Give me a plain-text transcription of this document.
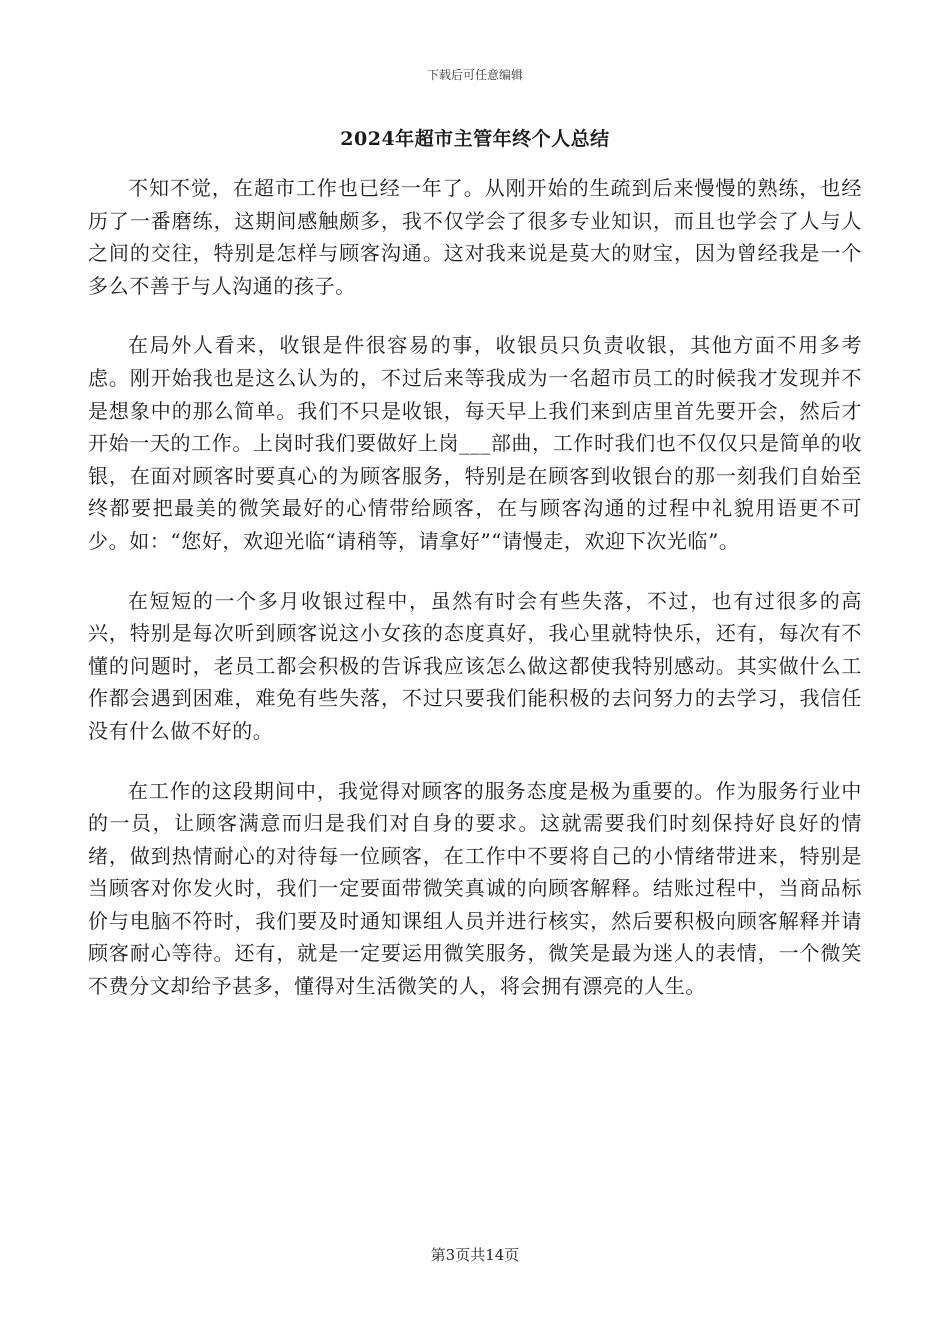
下载后可任意编辑
2024年超市主管年终个人总结

不知不觉，在超市工作也已经一年了。从刚开始的生疏到后来慢慢的熟练，也经历了一番磨练，这期间感触颇多，我不仅学会了很多专业知识，而且也学会了人与人之间的交往，特别是怎样与顾客沟通。这对我来说是莫大的财宝，因为曾经我是一个多么不善于与人沟通的孩子。

在局外人看来，收银是件很容易的事，收银员只负责收银，其他方面不用多考虑。刚开始我也是这么认为的，不过后来等我成为一名超市员工的时候我才发现并不是想象中的那么简单。我们不只是收银，每天早上我们来到店里首先要开会，然后才开始一天的工作。上岗时我们要做好上岗___部曲，工作时我们也不仅仅只是简单的收银，在面对顾客时要真心的为顾客服务，特别是在顾客到收银台的那一刻我们自始至终都要把最美的微笑最好的心情带给顾客，在与顾客沟通的过程中礼貌用语更不可少。如：“您好，欢迎光临“请稍等，请拿好”“请慢走，欢迎下次光临”。

在短短的一个多月收银过程中，虽然有时会有些失落，不过，也有过很多的高兴，特别是每次听到顾客说这小女孩的态度真好，我心里就特快乐，还有，每次有不懂的问题时，老员工都会积极的告诉我应该怎么做这都使我特别感动。其实做什么工作都会遇到困难，难免有些失落，不过只要我们能积极的去问努力的去学习，我信任没有什么做不好的。

在工作的这段期间中，我觉得对顾客的服务态度是极为重要的。作为服务行业中的一员，让顾客满意而归是我们对自身的要求。这就需要我们时刻保持好良好的情绪，做到热情耐心的对待每一位顾客，在工作中不要将自己的小情绪带进来，特别是当顾客对你发火时，我们一定要面带微笑真诚的向顾客解释。结账过程中，当商品标价与电脑不符时，我们要及时通知课组人员并进行核实，然后要积极向顾客解释并请顾客耐心等待。还有，就是一定要运用微笑服务，微笑是最为迷人的表情，一个微笑不费分文却给予甚多，懂得对生活微笑的人，将会拥有漂亮的人生。

第3页共14页
